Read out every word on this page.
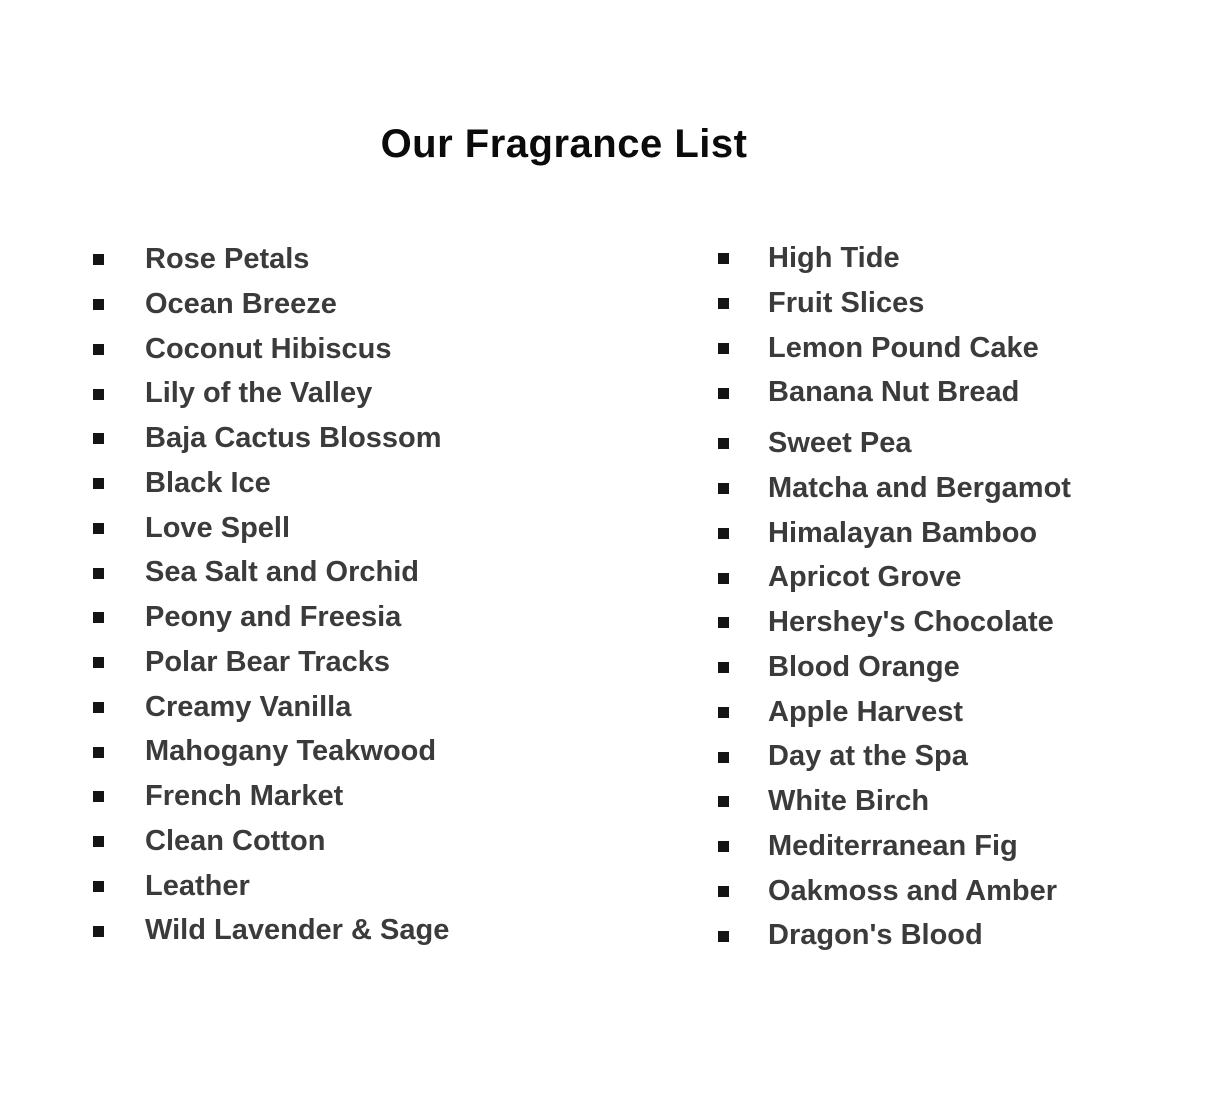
Our Fragrance List
Rose Petals
Ocean Breeze
Coconut Hibiscus
Lily of the Valley
Baja Cactus Blossom
Black Ice
Love Spell
Sea Salt and Orchid
Peony and Freesia
Polar Bear Tracks
Creamy Vanilla
Mahogany Teakwood
French Market
Clean Cotton
Leather
Wild Lavender & Sage
High Tide
Fruit Slices
Lemon Pound Cake
Banana Nut Bread
Sweet Pea
Matcha and Bergamot
Himalayan Bamboo
Apricot Grove
Hershey's Chocolate
Blood Orange
Apple Harvest
Day at the Spa
White Birch
Mediterranean Fig
Oakmoss and Amber
Dragon's Blood
